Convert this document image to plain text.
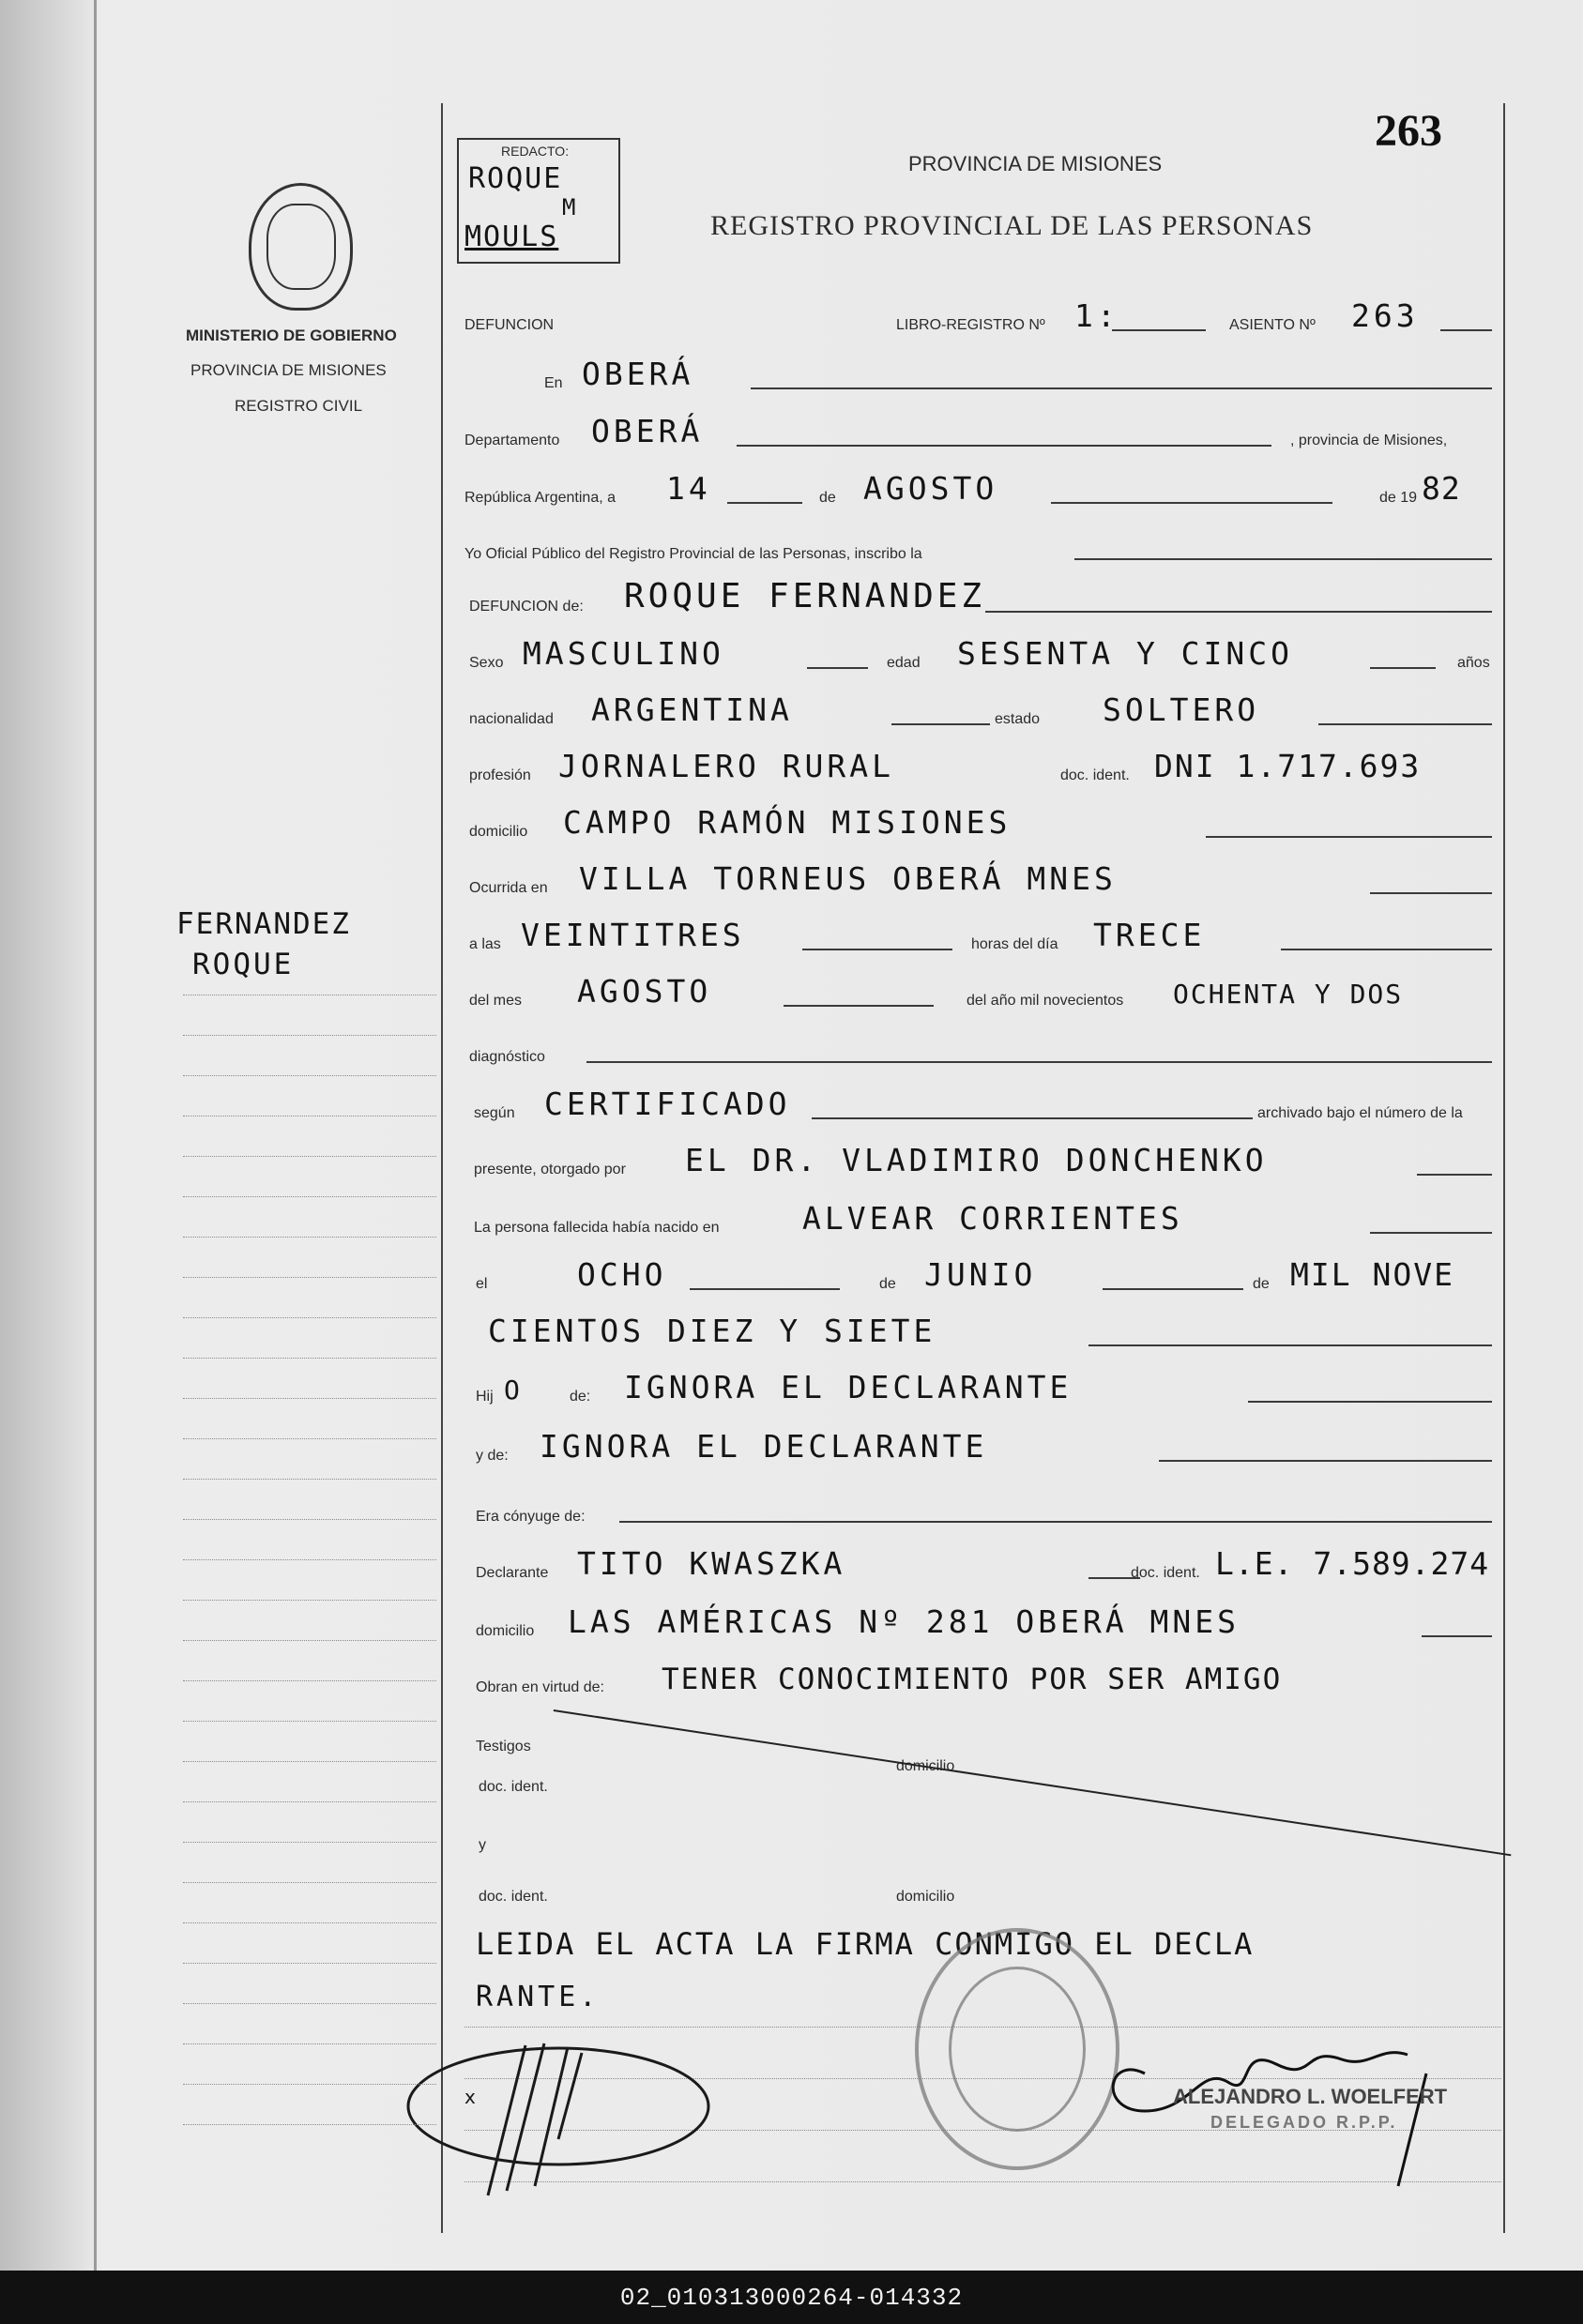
263
MINISTERIO DE GOBIERNO
PROVINCIA DE MISIONES
REGISTRO CIVIL
REDACTO:
ROQUE
M
MOULS
PROVINCIA DE MISIONES
REGISTRO PROVINCIAL DE LAS PERSONAS
DEFUNCION	LIBRO-REGISTRO Nº 1:	ASIENTO Nº 263
En OBERÁ
Departamento OBERÁ	, provincia de Misiones,
República Argentina, a 14	de AGOSTO	de 19 82
Yo Oficial Público del Registro Provincial de las Personas, inscribo la
DEFUNCION de: ROQUE FERNANDEZ
Sexo MASCULINO	edad SESENTA Y CINCO	años
nacionalidad ARGENTINA	estado SOLTERO
profesión JORNALERO RURAL	doc. ident. DNI 1.717.693
domicilio CAMPO RAMÓN MISIONES
Ocurrida en VILLA TORNEUS OBERÁ MNES
a las VEINTITRES	horas del día TRECE
del mes AGOSTO	del año mil novecientos OCHENTA Y DOS
diagnóstico
según CERTIFICADO	archivado bajo el número de la
presente, otorgado por EL DR. VLADIMIRO DONCHENKO
La persona fallecida había nacido en	ALVEAR CORRIENTES
el	OCHO	de JUNIO	de MIL NOVE
CIENTOS DIEZ Y SIETE
Hij O	de: IGNORA EL DECLARANTE
y de: IGNORA EL DECLARANTE
Era cónyuge de:
Declarante TITO KWASZKA	doc. ident. L.E. 7.589.274
domicilio LAS AMÉRICAS Nº 281 OBERÁ MNES
Obran en virtud de: TENER CONOCIMIENTO POR SER AMIGO
Testigos
doc. ident.
domicilio
y
doc. ident.	domicilio
LEIDA EL ACTA LA FIRMA CONMIGO EL DECLA
RANTE.
x	ALEJANDRO L. WOELFERT
DELEGADO R.P.P.
FERNANDEZ
ROQUE
02_010313000264-014332
